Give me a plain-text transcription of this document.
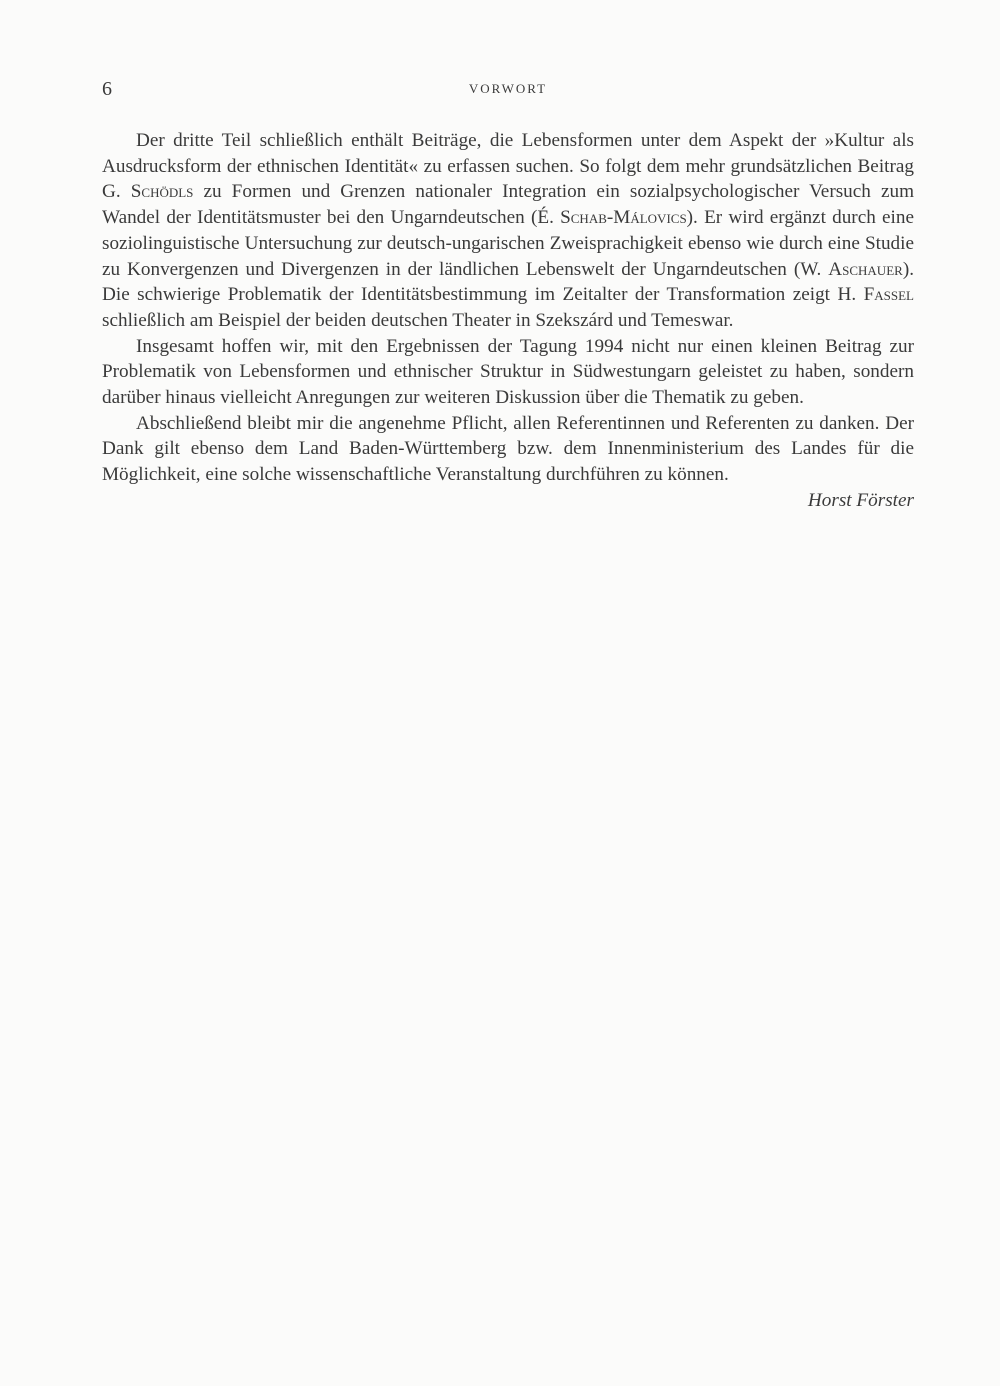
6	VORWORT

Der dritte Teil schließlich enthält Beiträge, die Lebensformen unter dem Aspekt der »Kultur als Ausdrucksform der ethnischen Identität« zu erfassen suchen. So folgt dem mehr grundsätzlichen Beitrag G. Schödls zu Formen und Grenzen nationaler Integration ein sozialpsychologischer Versuch zum Wandel der Identitätsmuster bei den Ungarndeutschen (É. Schab-Málovics). Er wird ergänzt durch eine soziolinguistische Untersuchung zur deutsch-ungarischen Zweisprachigkeit ebenso wie durch eine Studie zu Konvergenzen und Divergenzen in der ländlichen Lebenswelt der Ungarndeutschen (W. Aschauer). Die schwierige Problematik der Identitätsbestimmung im Zeitalter der Transformation zeigt H. Fassel schließlich am Beispiel der beiden deutschen Theater in Szekszárd und Temeswar.

Insgesamt hoffen wir, mit den Ergebnissen der Tagung 1994 nicht nur einen kleinen Beitrag zur Problematik von Lebensformen und ethnischer Struktur in Südwestungarn geleistet zu haben, sondern darüber hinaus vielleicht Anregungen zur weiteren Diskussion über die Thematik zu geben.

Abschließend bleibt mir die angenehme Pflicht, allen Referentinnen und Referenten zu danken. Der Dank gilt ebenso dem Land Baden-Württemberg bzw. dem Innenministerium des Landes für die Möglichkeit, eine solche wissenschaftliche Veranstaltung durchführen zu können.

Horst Förster
